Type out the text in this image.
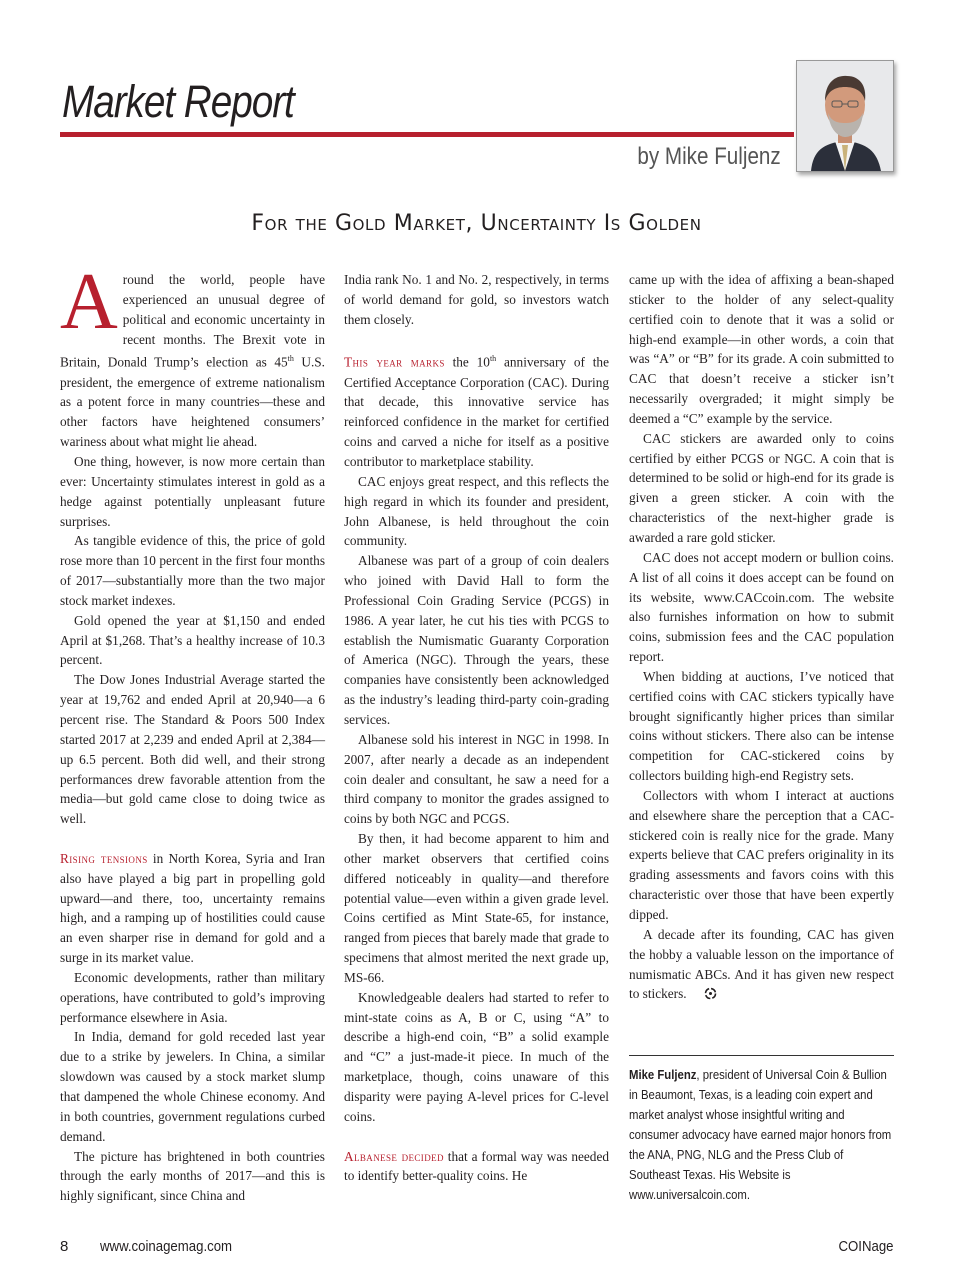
Market Report
by Mike Fuljenz
For the Gold Market, Uncertainty Is Golden

Around the world, people have experienced an unusual degree of political and economic uncertainty in recent months. The Brexit vote in Britain, Donald Trump’s election as 45th U.S. president, the emergence of extreme nationalism as a potent force in many countries—these and other factors have heightened consumers’ wariness about what might lie ahead.

One thing, however, is now more certain than ever: Uncertainty stimulates interest in gold as a hedge against potentially unpleasant future surprises.

As tangible evidence of this, the price of gold rose more than 10 percent in the first four months of 2017—substantially more than the two major stock market indexes.

Gold opened the year at $1,150 and ended April at $1,268. That’s a healthy increase of 10.3 percent.

The Dow Jones Industrial Average started the year at 19,762 and ended April at 20,940—a 6 percent rise. The Standard & Poors 500 Index started 2017 at 2,239 and ended April at 2,384—up 6.5 percent. Both did well, and their strong performances drew favorable attention from the media—but gold came close to doing twice as well.

Rising tensions in North Korea, Syria and Iran also have played a big part in propelling gold upward—and there, too, uncertainty remains high, and a ramping up of hostilities could cause an even sharper rise in demand for gold and a surge in its market value.

Economic developments, rather than military operations, have contributed to gold’s improving performance elsewhere in Asia.

In India, demand for gold receded last year due to a strike by jewelers. In China, a similar slowdown was caused by a stock market slump that dampened the whole Chinese economy. And in both countries, government regulations curbed demand.

The picture has brightened in both countries through the early months of 2017—and this is highly significant, since China and

India rank No. 1 and No. 2, respectively, in terms of world demand for gold, so investors watch them closely.

This year marks the 10th anniversary of the Certified Acceptance Corporation (CAC). During that decade, this innovative service has reinforced confidence in the market for certified coins and carved a niche for itself as a positive contributor to marketplace stability.

CAC enjoys great respect, and this reflects the high regard in which its founder and president, John Albanese, is held throughout the coin community.

Albanese was part of a group of coin dealers who joined with David Hall to form the Professional Coin Grading Service (PCGS) in 1986. A year later, he cut his ties with PCGS to establish the Numismatic Guaranty Corporation of America (NGC). Through the years, these companies have consistently been acknowledged as the industry’s leading third-party coin-grading services.

Albanese sold his interest in NGC in 1998. In 2007, after nearly a decade as an independent coin dealer and consultant, he saw a need for a third company to monitor the grades assigned to coins by both NGC and PCGS.

By then, it had become apparent to him and other market observers that certified coins differed noticeably in quality—and therefore potential value—even within a given grade level. Coins certified as Mint State-65, for instance, ranged from pieces that barely made that grade to specimens that almost merited the next grade up, MS-66.

Knowledgeable dealers had started to refer to mint-state coins as A, B or C, using “A” to describe a high-end coin, “B” a solid example and “C” a just-made-it piece. In much of the marketplace, though, coins unaware of this disparity were paying A-level prices for C-level coins.

Albanese decided that a formal way was needed to identify better-quality coins. He

came up with the idea of affixing a bean-shaped sticker to the holder of any select-quality certified coin to denote that it was a solid or high-end example—in other words, a coin that was “A” or “B” for its grade. A coin submitted to CAC that doesn’t receive a sticker isn’t necessarily overgraded; it might simply be deemed a “C” example by the service.

CAC stickers are awarded only to coins certified by either PCGS or NGC. A coin that is determined to be solid or high-end for its grade is given a green sticker. A coin with the characteristics of the next-higher grade is awarded a rare gold sticker.

CAC does not accept modern or bullion coins. A list of all coins it does accept can be found on its website, www.CACcoin.com. The website also furnishes information on how to submit coins, submission fees and the CAC population report.

When bidding at auctions, I’ve noticed that certified coins with CAC stickers typically have brought significantly higher prices than similar coins without stickers. There also can be intense competition for CAC-stickered coins by collectors building high-end Registry sets.

Collectors with whom I interact at auctions and elsewhere share the perception that a CAC-stickered coin is really nice for the grade. Many experts believe that CAC prefers originality in its grading assessments and favors coins with this characteristic over those that have been expertly dipped.

A decade after its founding, CAC has given the hobby a valuable lesson on the importance of numismatic ABCs. And it has given new respect to stickers.

Mike Fuljenz, president of Universal Coin & Bullion in Beaumont, Texas, is a leading coin expert and market analyst whose insightful writing and consumer advocacy have earned major honors from the ANA, PNG, NLG and the Press Club of Southeast Texas. His Website is www.universalcoin.com.
8 www.coinagemag.com	COINage
